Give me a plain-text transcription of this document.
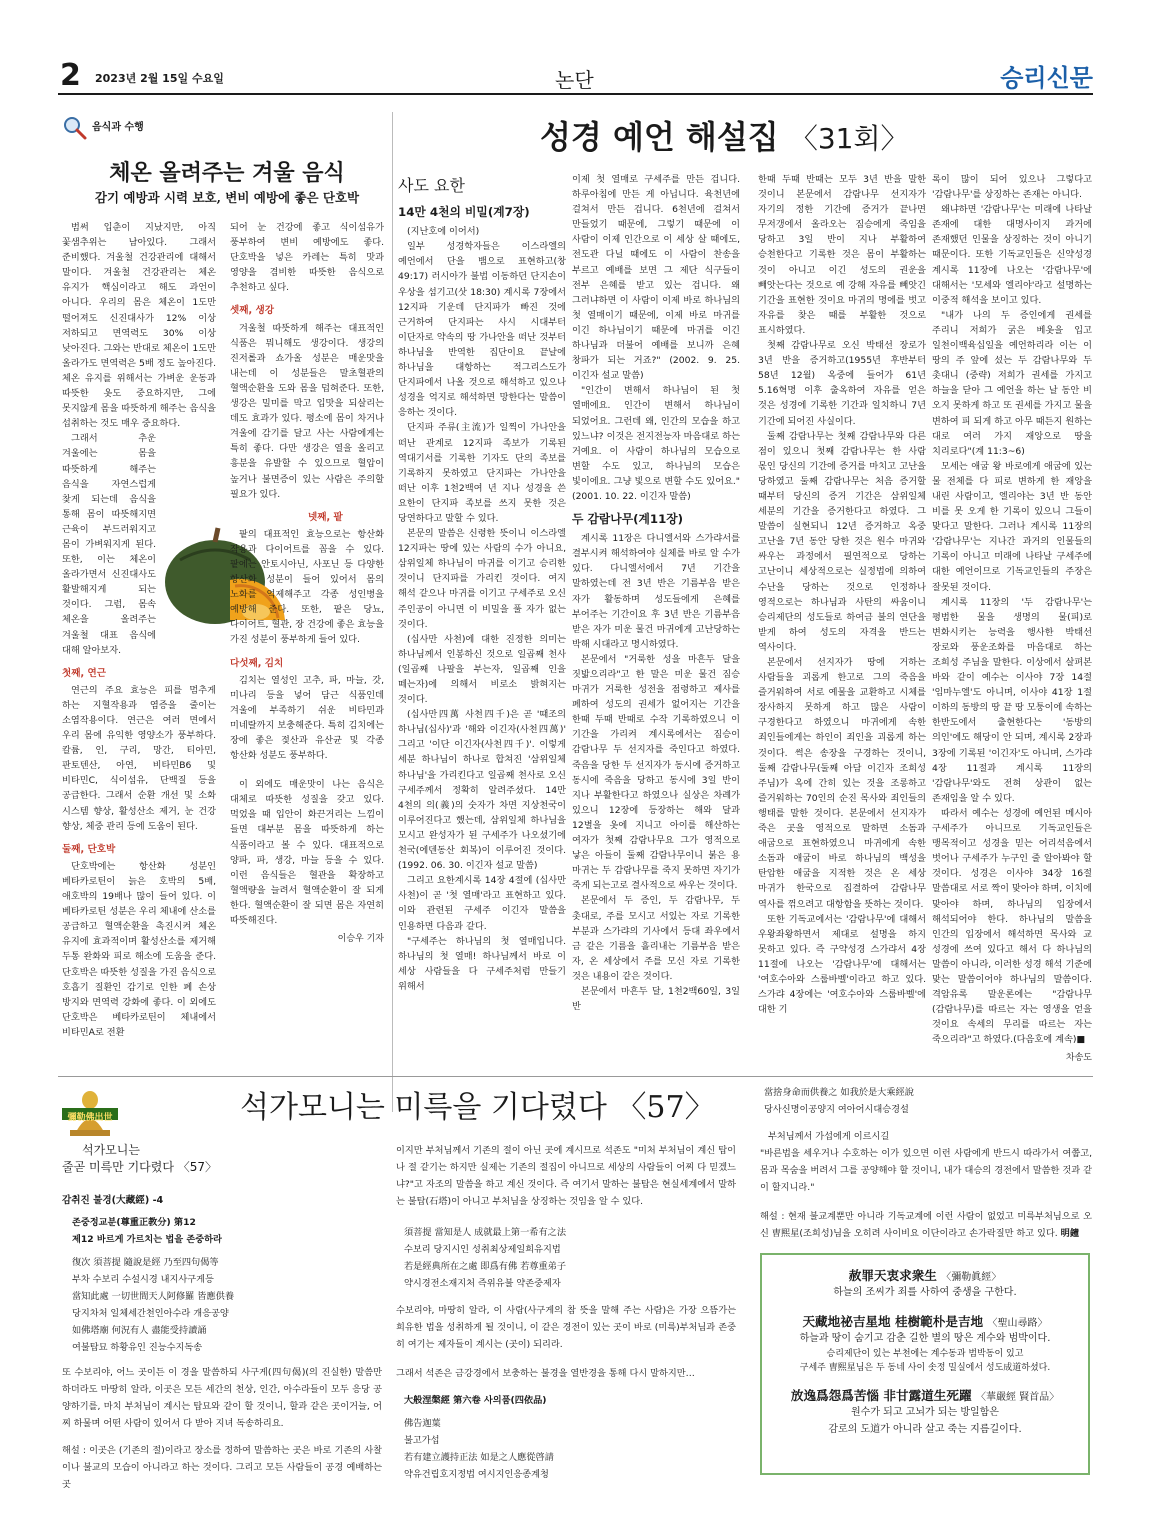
2 2023년 2월 15일 수요일	논단	승리신문
음식과 수행
체온 올려주는 겨울 음식
감기 예방과 시력 보호, 변비 예방에 좋은 단호박

범써 입춘이 지났지만, 아직 꽃샘추위는 남아있다. 그래서 준비했다. 겨울철 건강관리에 대해서 말이다. 겨울철 건강관리는 체온 유지가 핵심이라고 해도 과언이 아니다. 우리의 몸은 체온이 1도만 떨어져도 신진대사가 12% 이상 저하되고 면역력도 30% 이상 낮아진다. 그와는 반대로 체온이 1도만 올라가도 면역력은 5배 정도 높아진다. 체온 유지를 위해서는 가벼운 운동과 따뜻한 옷도 중요하지만, 그에 못지않게 몸을 따뜻하게 해주는 음식을 섭취하는 것도 매우 중요하다.

그래서 추운 겨울에는 몸을 따뜻하게 해주는 음식을 자연스럽게 찾게 되는데 음식을 통해 몸이 따뜻해지면 근육이 부드러워지고 몸이 가벼워지게 된다. 또한, 이는 체온이 올라가면서 신진대사도 활발해지게 되는 것이다. 그럼, 몸속 체온을 올려주는 겨울철 대표 음식에 대해 알아보자.

첫째, 연근

연근의 주요 효능은 피를 멈추게 하는 지혈작용과 염증을 줄이는 소염작용이다. 연근은 여러 면에서 우리 몸에 유익한 영양소가 풍부하다. 칼륨, 인, 구리, 망간, 티아민, 판토텐산, 아연, 비타민B6 및 비타민C, 식이섬유, 단백질 등을 공급한다. 그래서 순환 개선 및 소화 시스템 향상, 활성산소 제거, 눈 건강 향상, 체중 관리 등에 도움이 된다.

둘째, 단호박

단호박에는 항산화 성분인 베타카로틴이 늙은 호박의 5배, 애호박의 19배나 많이 들어 있다. 이 베타카로틴 성분은 우리 체내에 산소를 공급하고 혈액순환을 촉진시켜 체온 유지에 효과적이며 활성산소를 제거해 두통 완화와 피로 해소에 도움을 준다. 단호박은 따뜻한 성질을 가진 음식으로 호흡기 질환인 감기로 인한 폐 손상 방지와 면역력 강화에 좋다. 이 외에도 단호박은 베타카로틴이 체내에서 비타민A로 전환

되어 눈 건강에 좋고 식이섬유가 풍부하여 변비 예방에도 좋다. 단호박을 넣은 카레는 특히 맛과 영양을 겸비한 따뜻한 음식으로 추천하고 싶다.

셋째, 생강

겨울철 따뜻하게 해주는 대표적인 식품은 뭐니해도 생강이다. 생강의 진저롤과 쇼가올 성분은 매운맛을 내는데 이 성분들은 말초혈관의 혈액순환을 도와 몸을 덥혀준다. 또한, 생강은 밀미를 막고 입맛을 되살리는 데도 효과가 있다. 평소에 몸이 차거나 겨울에 감기를 달고 사는 사람에게는 특히 좋다. 다만 생강은 열을 올리고 흥분을 유발할 수 있으므로 혈압이 높거나 불면증이 있는 사람은 주의할 필요가 있다.

넷째, 팥

팥의 대표적인 효능으로는 항산화 작용과 다이어트를 꼽을 수 있다. 팥에는 안토시아닌, 사포닌 등 다양한 항산화 성분이 들어 있어서 몸의 노화를 억제해주고 각종 성인병을 예방해 준다. 또한, 팥은 당뇨, 다이어트, 혈관, 장 건강에 좋은 효능을 가진 성분이 풍부하게 들어 있다.

다섯째, 김치

김치는 열성인 고추, 파, 마늘, 갓, 미나리 등을 넣어 담근 식품인데 겨울에 부족하기 쉬운 비타민과 미네랄까지 보충해준다. 특히 김치에는 장에 좋은 젖산과 유산균 및 각종 항산화 성분도 풍부하다.

이 외에도 매운맛이 나는 음식은 대체로 따뜻한 성질을 갖고 있다. 먹었을 때 입안이 화끈거리는 느낌이 들면 대부분 몸을 따뜻하게 하는 식품이라고 볼 수 있다. 대표적으로 양파, 파, 생강, 마늘 등을 수 있다. 이런 음식들은 혈관을 확장하고 혈액량을 늘려서 혈액순환이 잘 되게 한다. 혈액순환이 잘 되면 몸은 자연히 따뜻해진다.

이승우 기자
성경 예언 해설집 〈31회〉
사도 요한
14만 4천의 비밀(계7장)

(지난호에 이어서)

일부 성경학자들은 이스라엘의 예언에서 단을 뱀으로 표현하고(창 49:17) 러시아가 불법 이동하던 단지손이 우상을 섬기고(삿 18:30) 계시록 7장에서 12지파 기운데 단지파가 빠진 것에 근거하여 단지파는 사시 시대부터 이단자로 약속의 땅 가나안을 떠난 것부터 하나님을 반역한 집단이요 끝날에 하나님을 대항하는 적그리스도가 단지파에서 나올 것으로 해석하고 있으나 성경을 억지로 해석하면 망한다는 말씀이 응하는 것이다.

단지파 주류(主流)가 일찍이 가나안을 떠난 관계로 12지파 족보가 기록된 역대기서를 기록한 기자도 단의 족보를 기록하지 못하였고 단지파는 가나안을 떠난 이후 1천2백여 년 지나 성경을 쓴 요한이 단지파 족보를 쓰지 못한 것은 당연하다고 말할 수 있다.

본문의 말씀은 신령한 뜻이니 이스라엘 12지파는 땅에 있는 사람의 수가 아니요, 삼위일체 하나님이 마귀를 이기고 승리한 것이니 단지파를 가리킨 것이다. 여지 해석 같으나 마귀를 이기고 구세주로 오신 주인공이 아니면 이 비밀을 풀 자가 없는 것이다.

(십사만 사천)에 대한 진정한 의미는 하나님께서 인봉하신 것으로 일곱째 천사(일곱째 나팔을 부는자, 일곱째 인을 떼는자)에 의해서 비로소 밝혀지는 것이다.

(십사만四萬 사천四千)은 곧 '때조의 하나님(십사)'과 '해와 이긴자(사천四萬)' 그리고 '이단 이긴자(사천四千)'. 이렇게 세분 하나님이 하나로 합쳐진 '삼위일체 하나님'을 가리킨다고 일곱째 천사로 오신 구세주께서 정확히 알려주셨다. 14만 4천의 의(義)의 숫자가 차면 지상천국이 이루어진다고 했는데, 삼위일체 하나님을 모시고 완성자가 된 구세주가 나오셨기에 천국(에덴동산 회복)이 이루어진 것이다. (1992. 06. 30. 이긴자 설교 말씀)

그리고 요한계시록 14장 4절에 (십사만 사천)이 곧 '첫 열매'라고 표현하고 있다. 이와 관련된 구세주 이긴자 말씀을 인용하면 다음과 같다.

"구세주는 하나님의 첫 열매입니다. 하나님의 첫 열매! 하나님께서 바로 이 세상 사람들을 다 구세주처럼 만들기 위해서

이제 첫 열매로 구세주를 만든 겁니다. 하루아침에 만든 게 아닙니다. 육천년에 걸쳐서 만든 겁니다. 6천년에 걸쳐서 만들었기 때문에, 그렇기 때문에 이 사람이 이제 인간으로 이 세상 살 때에도, 전도관 다닐 때에도 이 사람이 찬송을 부르고 예배를 보면 그 제단 식구들이 전부 은혜를 받고 있는 겁니다. 왜 그러냐하면 이 사람이 이제 바로 하나님의 첫 열매이기 때문에, 이제 바로 마귀를 이긴 하나님이기 때문에 마귀를 이긴 하나님과 더불어 예배를 보니까 은혜 창파가 되는 거죠?" (2002. 9. 25. 이긴자 설교 말씀)

"인간이 변해서 하나님이 된 첫 열매에요. 인간이 변해서 하나님이 되었어요. 그런데 왜, 인간의 모습을 하고 있느냐? 이것은 전지전능자 마음대로 하는 거예요. 이 사람이 하나님의 모습으로 변할 수도 있고, 하나님의 모습은 빛이에요. 그냥 빛으로 변할 수도 있어요." (2001. 10. 22. 이긴자 말씀)

두 감람나무(계11장)

계시록 11장은 다니엘서와 스가랴서를 결부시켜 해석하여야 실체를 바로 알 수가 있다. 다니엘서에서 7년 기간을 말하였는데 전 3년 반은 기름부음 받은 자가 활동하며 성도들에게 은혜를 부어주는 기간이요 후 3년 반은 기름부음 받은 자가 미운 물건 마귀에게 고난당하는 박해 시대라고 명시하였다.

본문에서 "거룩한 성을 마흔두 달을 짓밟으리라"고 한 말은 미운 물건 짐승 마귀가 거룩한 성전을 점령하고 제사를 폐하여 성도의 권세가 없어지는 기간을 한때 두때 반때로 수작 기록하였으니 이 기간을 가리켜 계시록에서는 짐승이 감람나무 두 선지자를 죽인다고 하였다. 죽음을 당한 두 선지자가 동시에 증거하고 동시에 죽음을 당하고 동시에 3일 반이 지나 부활한다고 하였으나 실상은 차례가 있으니 12장에 등장하는 해와 달과 12별을 옷에 지니고 아이를 해산하는 여자가 첫째 감람나무요 그가 영적으로 낳은 아들이 둘째 감람나무이니 붉은 용 마귀는 두 감람나무를 죽지 못하면 자기가 죽게 되는고로 결사적으로 싸우는 것이다.

본문에서 두 증인, 두 감람나무, 두 촛대로, 주를 모시고 서있는 자로 기록한 부분과 스가랴의 기사에서 등대 좌우에서 금 같은 기름을 흘리내는 기름부음 받은 자, 온 세상에서 주를 모신 자로 기록한 것은 내용이 같은 것이다.

본문에서 마흔두 달, 1천2백60일, 3일 반

한때 두때 반때는 모두 3년 반을 말한 것이니 본문에서 감람나무 선지자가 자기의 정한 기간에 증거가 끝나면 무저갱에서 올라오는 짐승에게 죽임을 당하고 3일 반이 지나 부활하여 승천한다고 기록한 것은 몸이 부활하는 것이 아니고 이긴 성도의 권운을 빼앗는다는 것으로 예 강해 자유를 빼앗긴 기간을 표현한 것이요 마귀의 명에를 벗고 자유를 찾은 때를 부활한 것으로 표시하였다.

첫째 감람나무로 오신 박태선 장로가 3년 반을 증거하고(1955년 후반부터 58년 12월) 옥중에 들어가 61년 5.16혁명 이후 출옥하여 자유를 얻은 것은 성경에 기록한 기간과 일치하니 7년 기간에 되어진 사실이다.

둘째 감람나무는 첫째 감람나무와 다른 점이 있으니 첫째 감람나무는 한 사람 몫인 당신의 기간에 증거를 마치고 고난을 당하였고 둘째 감람나무는 처음 증거할 때부터 당신의 증거 기간은 삼위일체 세분의 기간을 증거한다고 하였다. 그 말씀이 실현되니 12년 증거하고 옥중 고난을 7년 동안 당한 것은 원수 마귀와 싸우는 과정에서 필연적으로 당하는 고난이니 세상적으로는 실정법에 의하여 수난을 당하는 것으로 인정하나 영적으로는 하나님과 사탄의 싸움이니 승리제단의 성도들로 하여금 불의 연단을 받게 하여 성도의 자격을 반드는 역사이다.

본문에서 선지자가 땅에 거하는 사람들을 괴롭게 한고로 그의 죽음을 즐거워하여 서로 예물을 교환하고 시체를 장사하지 못하게 하고 많은 사람이 구경한다고 하였으니 마귀에게 속한 죄인들에게는 하인이 죄인을 괴롭게 하는 것이다. 썩은 송장을 구경하는 것이니, 둘째 감람나무(둘째 아담 이긴자 조희성 주님)가 옥에 간히 있는 것을 조롱하고 즐거워하는 70인의 순진 목사와 죄인들의 행태를 말한 것이다. 본문에서 선지자가 죽은 곳을 영적으로 말하면 소돔과 애굽으로 표현하였으니 마귀에게 속한 소돔과 애굽이 바로 하나님의 백성을 탄압한 애굽을 지적한 것은 온 세상 마귀가 한국으로 집결하여 감람나무 역사를 꺾으려고 대항함을 뜻하는 것이다.

또한 기독교에서는 '감람나무'에 대해서 우왕좌왕하면서 제대로 설명을 하지 못하고 있다. 즉 구약성경 스가랴서 4장 11절에 나오는 '감람나무'에 대해서는 '여호수아와 스룹바벨'이라고 하고 있다. 스가랴 4장에는 '여호수아와 스룹바벨'에 대한 기

록이 많이 되어 있으나 그렇다고 '감람나무'를 상징하는 존재는 아니다.

왜냐하면 '감람나무'는 미래에 나타날 존재에 대한 대명사이지 과거에 존재했던 인물을 상징하는 것이 아니기 때문이다. 또한 기독교인들은 신약성경 계시록 11장에 나오는 '감람나무'에 대해서는 '모세와 엘리야'라고 설명하는 이중적 해석을 보이고 있다.

"내가 나의 두 증인에게 권세를 주리니 저희가 굵은 베옷을 입고 일천이백육십일을 예언하리라 이는 이 땅의 주 앞에 섰는 두 감람나무와 두 촛대니 (중략) 저희가 권세를 가지고 하늘을 닫아 그 예언을 하는 날 동안 비 오지 못하게 하고 또 권세를 가지고 물을 변하여 피 되게 하고 아무 때든지 원하는 대로 여러 가지 재앙으로 땅을 치리로다"(계 11:3~6)

모세는 애굽 왕 바로에게 애굽에 있는 물 전체를 다 피로 변하게 한 재앙을 내린 사람이고, 엘리야는 3년 반 동안 비를 못 오게 한 기록이 있으니 그들이 맞다고 말한다. 그러나 계시록 11장의 '감람나무'는 지나간 과거의 인물들의 기록이 아니고 미래에 나타날 구세주에 대한 예언이므로 기독교인들의 주장은 잘못된 것이다.

계시록 11장의 '두 감람나무'는 평범한 물을 생명의 물(피)로 변화시키는 능력을 행사한 박태선 장로와 풍운조화를 마음대로 하는 조희성 주님을 말한다. 이상에서 살펴본 바와 같이 예수는 이사야 7장 14절 '임마누엘'도 아니며, 이사야 41장 1절 이하의 동방의 땅 끝 땅 모퉁이에 속하는 한반도에서 출현한다는 '동방의 의인'에도 해당이 안 되며, 계시록 2장과 3장에 기록된 '이긴자'도 아니며, 스가랴 4장 11절과 계시록 11장의 '감람나무'와도 전혀 상관이 없는 존재임을 알 수 있다.

따라서 예수는 성경에 예언된 메시아 구세주가 아니므로 기독교인들은 맹목적이고 성경을 믿는 어리석음에서 벗어나 구세주가 누구인 줄 알아봐야 할 것이다. 성경은 이사야 34장 16절 말씀대로 서로 짝이 맞아야 하며, 이치에 맞아야 하며, 하나님의 입장에서 해석되어야 한다. 하나님의 말씀을 인간의 입장에서 해석하면 목사와 교 성경에 쓰여 있다고 해서 다 하나님의 말씀이 아니라, 이러한 성경 해석 기준에 맞는 말씀이어야 하나님의 말씀이다. 격암유록 말운론에는 "감람나무(감람나무)를 따르는 자는 영생을 얻을 것이요 속세의 무리를 따르는 자는 죽으리라"고 하였다.(다음호에 계속)■

차송도
彌勒佛出世	석가모니는 미륵을 기다렸다 〈57〉
석가모니는
줄곧 미륵만 기다렸다 〈57〉
감취진 불경(大藏經) -4
존중정교분(尊重正教分) 第12
제12 바르게 가르치는 법을 존중하라
復次 須菩提 隨說是經 乃至四句偈等
부차 수보리 수설시경 내지사구게등
當知此處 一切世間天人阿修羅 皆應供養
당지차처 일체세간천인아수라 개응공양
如佛塔廟 何況有人 盡能受持讀誦
여불탑묘 하황유인 진능수지독송

또 수보리야, 어느 곳이든 이 경을 말씀하되 사구게(四句偈)(의 진실한) 말씀만 하더라도 마땅히 알라, 이곳은 모든 세간의 천상, 인간, 아수라들이 모두 응당 공양하기를, 마치 부처님이 계시는 탑묘와 같이 할 것이니, 할과 같은 곳이거늘, 어찌 하물며 어떤 사람이 있어서 다 받아 지녀 독송하리요.

해설 : 이곳은 (기존의 절)이라고 장소를 정하여 말씀하는 곳은 바로 기존의 사찰이나 불교의 모습이 아니라고 하는 것이다. 그리고 모든 사람들이 공경 예배하는 곳

이지만 부처님께서 기존의 절이 아닌 곳에 계시므로 석존도 "미처 부처님이 계신 탑이나 절 같기는 하지만 실제는 기존의 절집이 아니므로 세상의 사람들이 어찌 다 믿겠느냐?"고 자조의 말씀을 하고 계신 것이다. 즉 여기서 말하는 불탑은 현실세계에서 말하는 불탑(石塔)이 아니고 부처님을 상징하는 것임을 알 수 있다.

須菩提 當知是人 成就最上第一希有之法
수보리 당지시인 성취최상제일희유지법
若是經典所在之處 即爲有佛 若尊重弟子
약시경전소재지처 즉위유불 약존중제자

수보리야, 마땅히 알라, 이 사람(사구게의 참 뜻을 말해 주는 사람)은 가장 으뜸가는 희유한 법을 성취하게 될 것이니, 이 같은 경전이 있는 곳이 바로 (미륵)부처님과 존중히 여기는 제자들이 계시는 (곳이) 되리라.

그래서 석존은 금강경에서 보충하는 불경을 열반경을 통해 다시 말하지만…

大般涅槃經 第六卷 사의품(四依品)
佛告迦葉
불고가섭
若有建立護持正法 如是之人應從啓請
약유건립호지정법 여시지인응종계청
當捨身命而供養之 如我於是大乘經說
당사신명이공양지 여아어시대승경설
부처님께서 가섭에게 이르시길

"바른법을 세우거나 수호하는 이가 있으면 이런 사람에게 반드시 따라가서 여쭙고, 몸과 목숨을 버려서 그를 공양해야 할 것이니, 내가 대승의 경전에서 말씀한 것과 같이 할지니라."

해설 : 현재 불교계뿐만 아니라 기독교계에 이런 사람이 없었고 미륵부처님으로 오신 曺熙星(조희성)님을 오히려 사이비요 이단이라고 손가락질만 하고 있다. 明鐘

赦罪天衷求衆生 〈彌勒眞經〉
하늘의 조씨가 죄를 사하여 중생을 구한다.
天藏地祕吉星地 桂樹範朴是吉地 〈聖山尋路〉
하늘과 땅이 숨기고 감춘 길한 별의 땅은 계수와 범박이다.
승리제단이 있는 부천에는 계수동과 범박동이 있고
구세주 曺熙星님은 두 동네 사이 솟정 밀실에서 성도成道하셨다.
放逸爲怨爲苦惱 非甘露道生死躍 〈華嚴經 賢首品〉
원수가 되고 고뇌가 되는 방일함은
감로의 도道가 아니라 살고 죽는 지름길이다.
